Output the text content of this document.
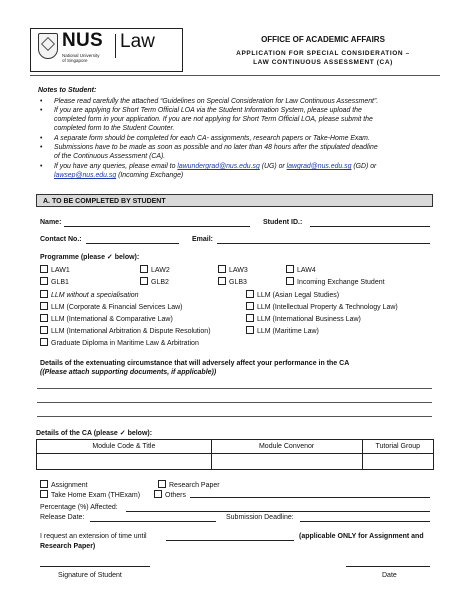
NUS Law
National University
of Singapore
OFFICE OF ACADEMIC AFFAIRS
APPLICATION FOR SPECIAL CONSIDERATION –
LAW CONTINUOUS ASSESSMENT (CA)
Notes to Student:
• Please read carefully the attached “Guidelines on Special Consideration for Law Continuous Assessment”.
• If you are applying for Short Term Official LOA via the Student Information System, please upload the
completed form in your application. If you are not applying for Short Term Official LOA, please submit the
completed form to the Student Counter.
• A separate form should be completed for each CA- assignments, research papers or Take-Home Exam.
• Submissions have to be made as soon as possible and no later than 48 hours after the stipulated deadline
of the Continuous Assessment (CA).
• If you have any queries, please email to lawundergrad@nus.edu.sg (UG) or lawgrad@nus.edu.sg (GD) or
lawsep@nus.edu.sg (Incoming Exchange)
A. TO BE COMPLETED BY STUDENT
Name:	Student ID.:
Contact No.:	Email:
Programme (please ✓ below):
LAW1	LAW2	LAW3	LAW4
GLB1	GLB2	GLB3	Incoming Exchange Student
LLM without a specialisation	LLM (Asian Legal Studies)
LLM (Corporate & Financial Services Law)	LLM (Intellectual Property & Technology Law)
LLM (International & Comparative Law)	LLM (International Business Law)
LLM (International Arbitration & Dispute Resolution)	LLM (Maritime Law)
Graduate Diploma in Maritime Law & Arbitration
Details of the extenuating circumstance that will adversely affect your performance in the CA
((Please attach supporting documents, if applicable))
Details of the CA (please ✓ below):
Module Code & Title	Module Convenor	Tutorial Group

Assignment	Research Paper
Take Home Exam (THExam)	Others
Percentage (%) Affected:
Release Date:	Submission Deadline:
I request an extension of time until	(applicable ONLY for Assignment and
Research Paper)
Signature of Student	Date
